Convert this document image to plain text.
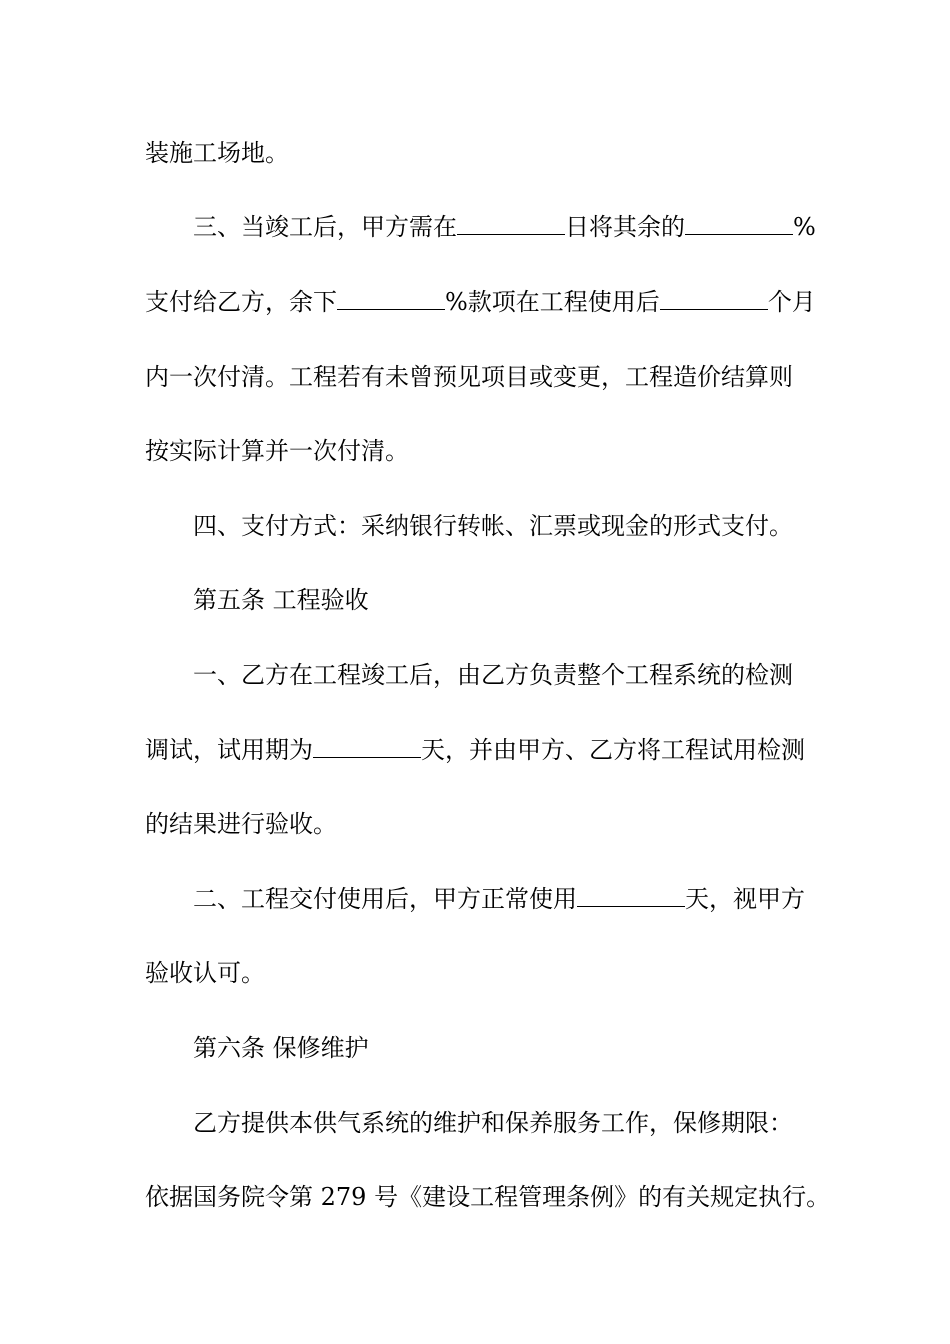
装施工场地。
三、当竣工后，甲方需在	日将其余的	%
支付给乙方，余下	%款项在工程使用后	个月
内一次付清。工程若有未曾预见项目或变更，工程造价结算则
按实际计算并一次付清。
四、支付方式：采纳银行转帐、汇票或现金的形式支付。
第五条 工程验收
一、乙方在工程竣工后，由乙方负责整个工程系统的检测
调试，试用期为	天，并由甲方、乙方将工程试用检测
的结果进行验收。
二、工程交付使用后，甲方正常使用	天，视甲方
验收认可。
第六条 保修维护
乙方提供本供气系统的维护和保养服务工作，保修期限：
依据国务院令第 279 号《建设工程管理条例》的有关规定执行。
